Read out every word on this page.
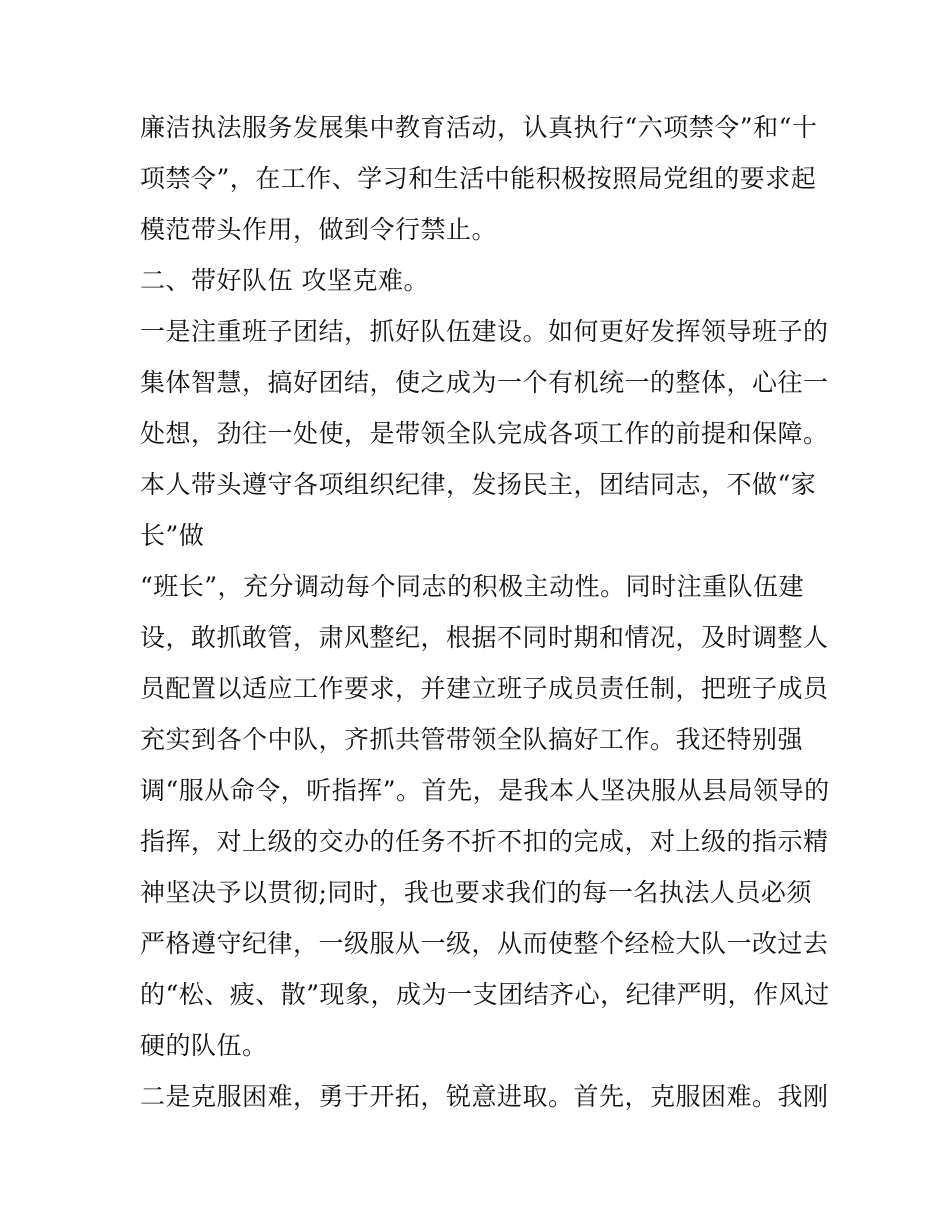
廉洁执法服务发展集中教育活动，认真执行“六项禁令”和“十
项禁令”，在工作、学习和生活中能积极按照局党组的要求起
模范带头作用，做到令行禁止。
二、带好队伍 攻坚克难。
一是注重班子团结，抓好队伍建设。如何更好发挥领导班子的
集体智慧，搞好团结，使之成为一个有机统一的整体，心往一
处想，劲往一处使，是带领全队完成各项工作的前提和保障。
本人带头遵守各项组织纪律，发扬民主，团结同志，不做“家
长”做
“班长”，充分调动每个同志的积极主动性。同时注重队伍建
设，敢抓敢管，肃风整纪，根据不同时期和情况，及时调整人
员配置以适应工作要求，并建立班子成员责任制，把班子成员
充实到各个中队，齐抓共管带领全队搞好工作。我还特别强
调“服从命令，听指挥”。首先，是我本人坚决服从县局领导的
指挥，对上级的交办的任务不折不扣的完成，对上级的指示精
神坚决予以贯彻;同时，我也要求我们的每一名执法人员必须
严格遵守纪律，一级服从一级，从而使整个经检大队一改过去
的“松、疲、散”现象，成为一支团结齐心，纪律严明，作风过
硬的队伍。
二是克服困难，勇于开拓，锐意进取。首先，克服困难。我刚
